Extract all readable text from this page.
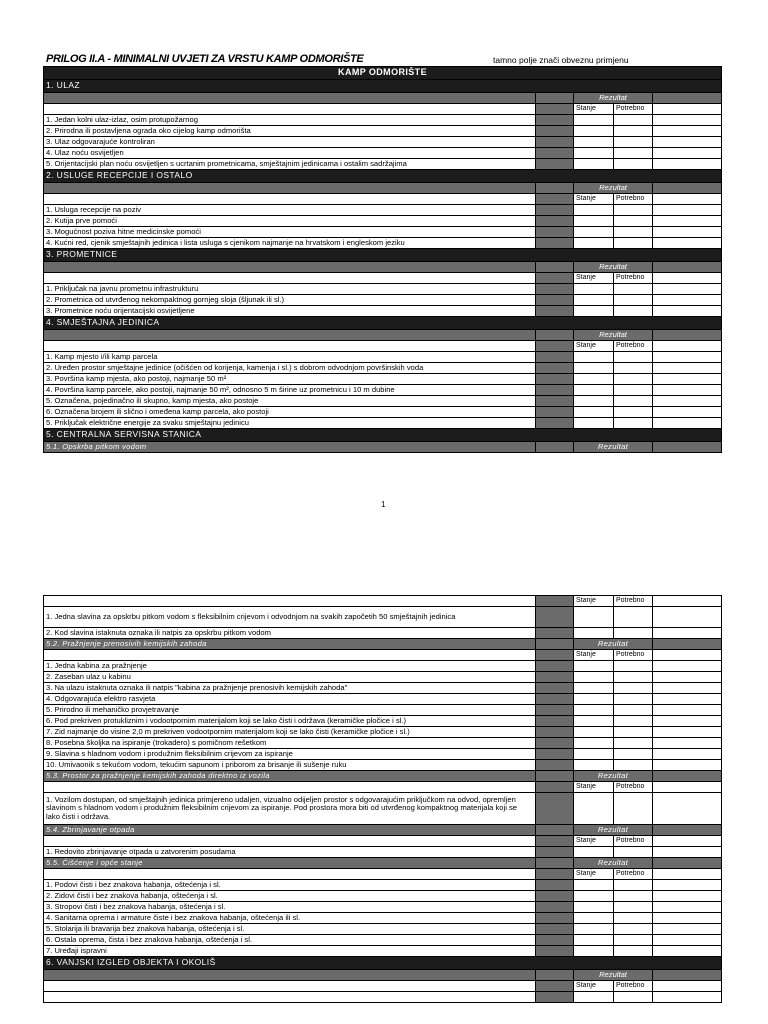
PRILOG II.A - MINIMALNI UVJETI ZA VRSTU KAMP ODMORIŠTE	tamno polje znači obveznu primjenu
KAMP ODMORIŠTE				
1. ULAZ				
		Rezultat		
		Stanje	Potrebno	
1. Jedan kolni ulaz-izlaz, osim protupožarnog				
2. Prirodna ili postavljena ograda oko cijelog kamp odmorišta				
3. Ulaz odgovarajuće kontroliran				
4. Ulaz noću osvijetljen				
5. Orijentacijski plan noću osvijetljen s ucrtanim prometnicama, smještajnim jedinicama i ostalim sadržajima				
2. USLUGE RECEPCIJE I OSTALO				
		Rezultat		
		Stanje	Potrebno	
1. Usluga recepcije na poziv				
2. Kutija prve pomoći				
3. Mogućnost poziva hitne medicinske pomoći				
4. Kućni red, cjenik smještajnih jedinica i lista usluga s cjenikom najmanje na hrvatskom i engleskom jeziku				
3. PROMETNICE				
		Rezultat		
		Stanje	Potrebno	
1. Priključak na javnu prometnu infrastrukturu				
2. Prometnica od utvrđenog nekompaktnog gornjeg sloja (šljunak ili sl.)				
3. Prometnice noću orijentacijski osvijetljene				
4. SMJEŠTAJNA JEDINICA				
		Rezultat		
		Stanje	Potrebno	
1. Kamp mjesto i/ili kamp parcela				
2. Uređen prostor smještajne jedinice (očišćen od korijenja, kamenja i sl.) s dobrom odvodnjom površinskih voda				
3. Površina kamp mjesta, ako postoji, najmanje 50 m²				
4. Površina kamp parcele, ako postoji, najmanje 50 m², odnosno 5 m širine uz prometnicu i 10 m dubine				
5. Označena, pojedinačno ili skupno, kamp mjesta, ako postoje				
6. Označena brojem ili slično i omeđena kamp parcela, ako postoji				
5. Priključak električne energije za svaku smještajnu jedinicu				
5. CENTRALNA SERVISNA STANICA				
5.1. Opskrba pitkom vodom		Rezultat		
1
		Stanje	Potrebno	
1. Jedna slavina za opskrbu pitkom vodom s fleksibilnim crijevom i odvodnjom na svakih započetih 50 smještajnih jedinica				
2. Kod slavina istaknuta oznaka ili natpis za opskrbu pitkom vodom				
5.2. Pražnjenje prenosivih kemijskih zahoda		Rezultat		
		Stanje	Potrebno	
1. Jedna kabina za pražnjenje				
2. Zaseban ulaz u kabinu				
3. Na ulazu istaknuta oznaka ili natpis "kabina za pražnjenje prenosivih kemijskih zahoda"				
4. Odgovarajuća elektro rasvjeta				
5. Prirodno ili mehaničko provjetravanje				
6. Pod prekriven protukliznim i vodootpornim materijalom koji se lako čisti i održava (keramičke pločice i sl.)				
7. Zid najmanje do visine 2,0 m prekriven vodootpornim materijalom koji se lako čisti (keramičke pločice i sl.)				
8. Posebna školjka na ispiranje (trokadero) s pomičnom rešetkom				
9. Slavina s hladnom vodom i produžnim fleksibilnim crijevom za ispiranje				
10. Umivaonik s tekućom vodom, tekućim sapunom i priborom za brisanje ili sušenje ruku				
5.3. Prostor za pražnjenje kemijskih zahoda direktno iz vozila		Rezultat		
		Stanje	Potrebno	
1. Vozilom dostupan, od smještajnih jedinica primjereno udaljen, vizualno odijeljen prostor s odgovarajućim priključkom na odvod, opremljen slavinom s hladnom vodom i produžnim fleksibilnim crijevom za ispiranje. Pod prostora mora biti od utvrđenog kompaktnog materijala koji se lako čisti i održava.				
5.4. Zbrinjavanje otpada		Rezultat		
		Stanje	Potrebno	
1. Redovito zbrinjavanje otpada u zatvorenim posudama				
5.5. Čišćenje i opće stanje		Rezultat		
		Stanje	Potrebno	
1. Podovi čisti i bez znakova habanja, oštećenja i sl.				
2. Zidovi čisti i bez znakova habanja, oštećenja i sl.				
3. Stropovi čisti i bez znakova habanja, oštećenja i sl.				
4. Sanitarna oprema i armature čiste i bez znakova habanja, oštećenja ili sl.				
5. Stolarija ili bravarija bez znakova habanja, oštećenja i sl.				
6. Ostala oprema, čista i bez znakova habanja, oštećenja i sl.				
7. Uređaji ispravni				
6. VANJSKI IZGLED OBJEKTA I OKOLIŠ				
		Rezultat		
		Stanje	Potrebno	
